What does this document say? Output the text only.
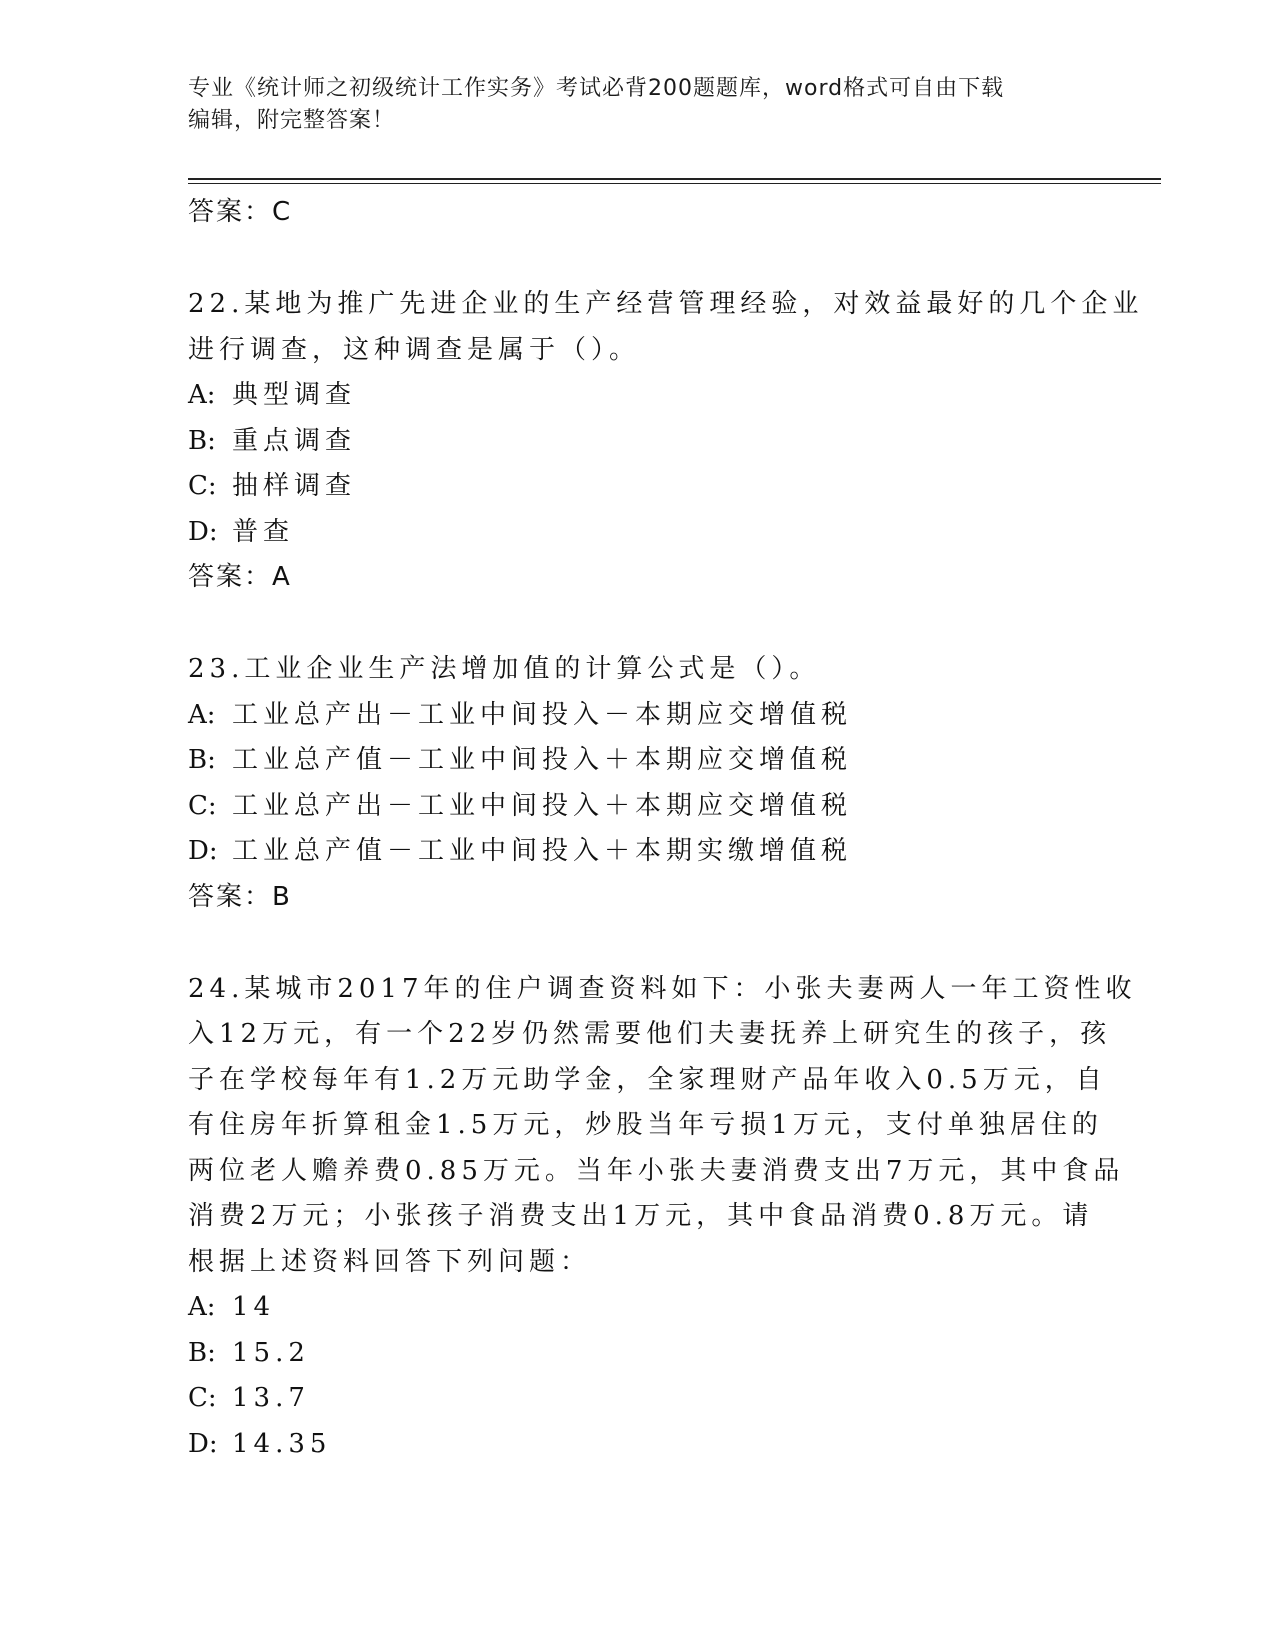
专业《统计师之初级统计工作实务》考试必背200题题库，word格式可自由下载
编辑，附完整答案！
答案：C
22.某地为推广先进企业的生产经营管理经验，对效益最好的几个企业
进行调查，这种调查是属于（）。
A: 典型调查
B: 重点调查
C: 抽样调查
D: 普查
答案：A
23.工业企业生产法增加值的计算公式是（）。
A: 工业总产出－工业中间投入－本期应交增值税
B: 工业总产值－工业中间投入＋本期应交增值税
C: 工业总产出－工业中间投入＋本期应交增值税
D: 工业总产值－工业中间投入＋本期实缴增值税
答案：B
24.某城市2017年的住户调查资料如下：小张夫妻两人一年工资性收
入12万元，有一个22岁仍然需要他们夫妻抚养上研究生的孩子，孩
子在学校每年有1.2万元助学金，全家理财产品年收入0.5万元，自
有住房年折算租金1.5万元，炒股当年亏损1万元，支付单独居住的
两位老人赡养费0.85万元。当年小张夫妻消费支出7万元，其中食品
消费2万元；小张孩子消费支出1万元，其中食品消费0.8万元。请
根据上述资料回答下列问题：
A: 14
B: 15.2
C: 13.7
D: 14.35
